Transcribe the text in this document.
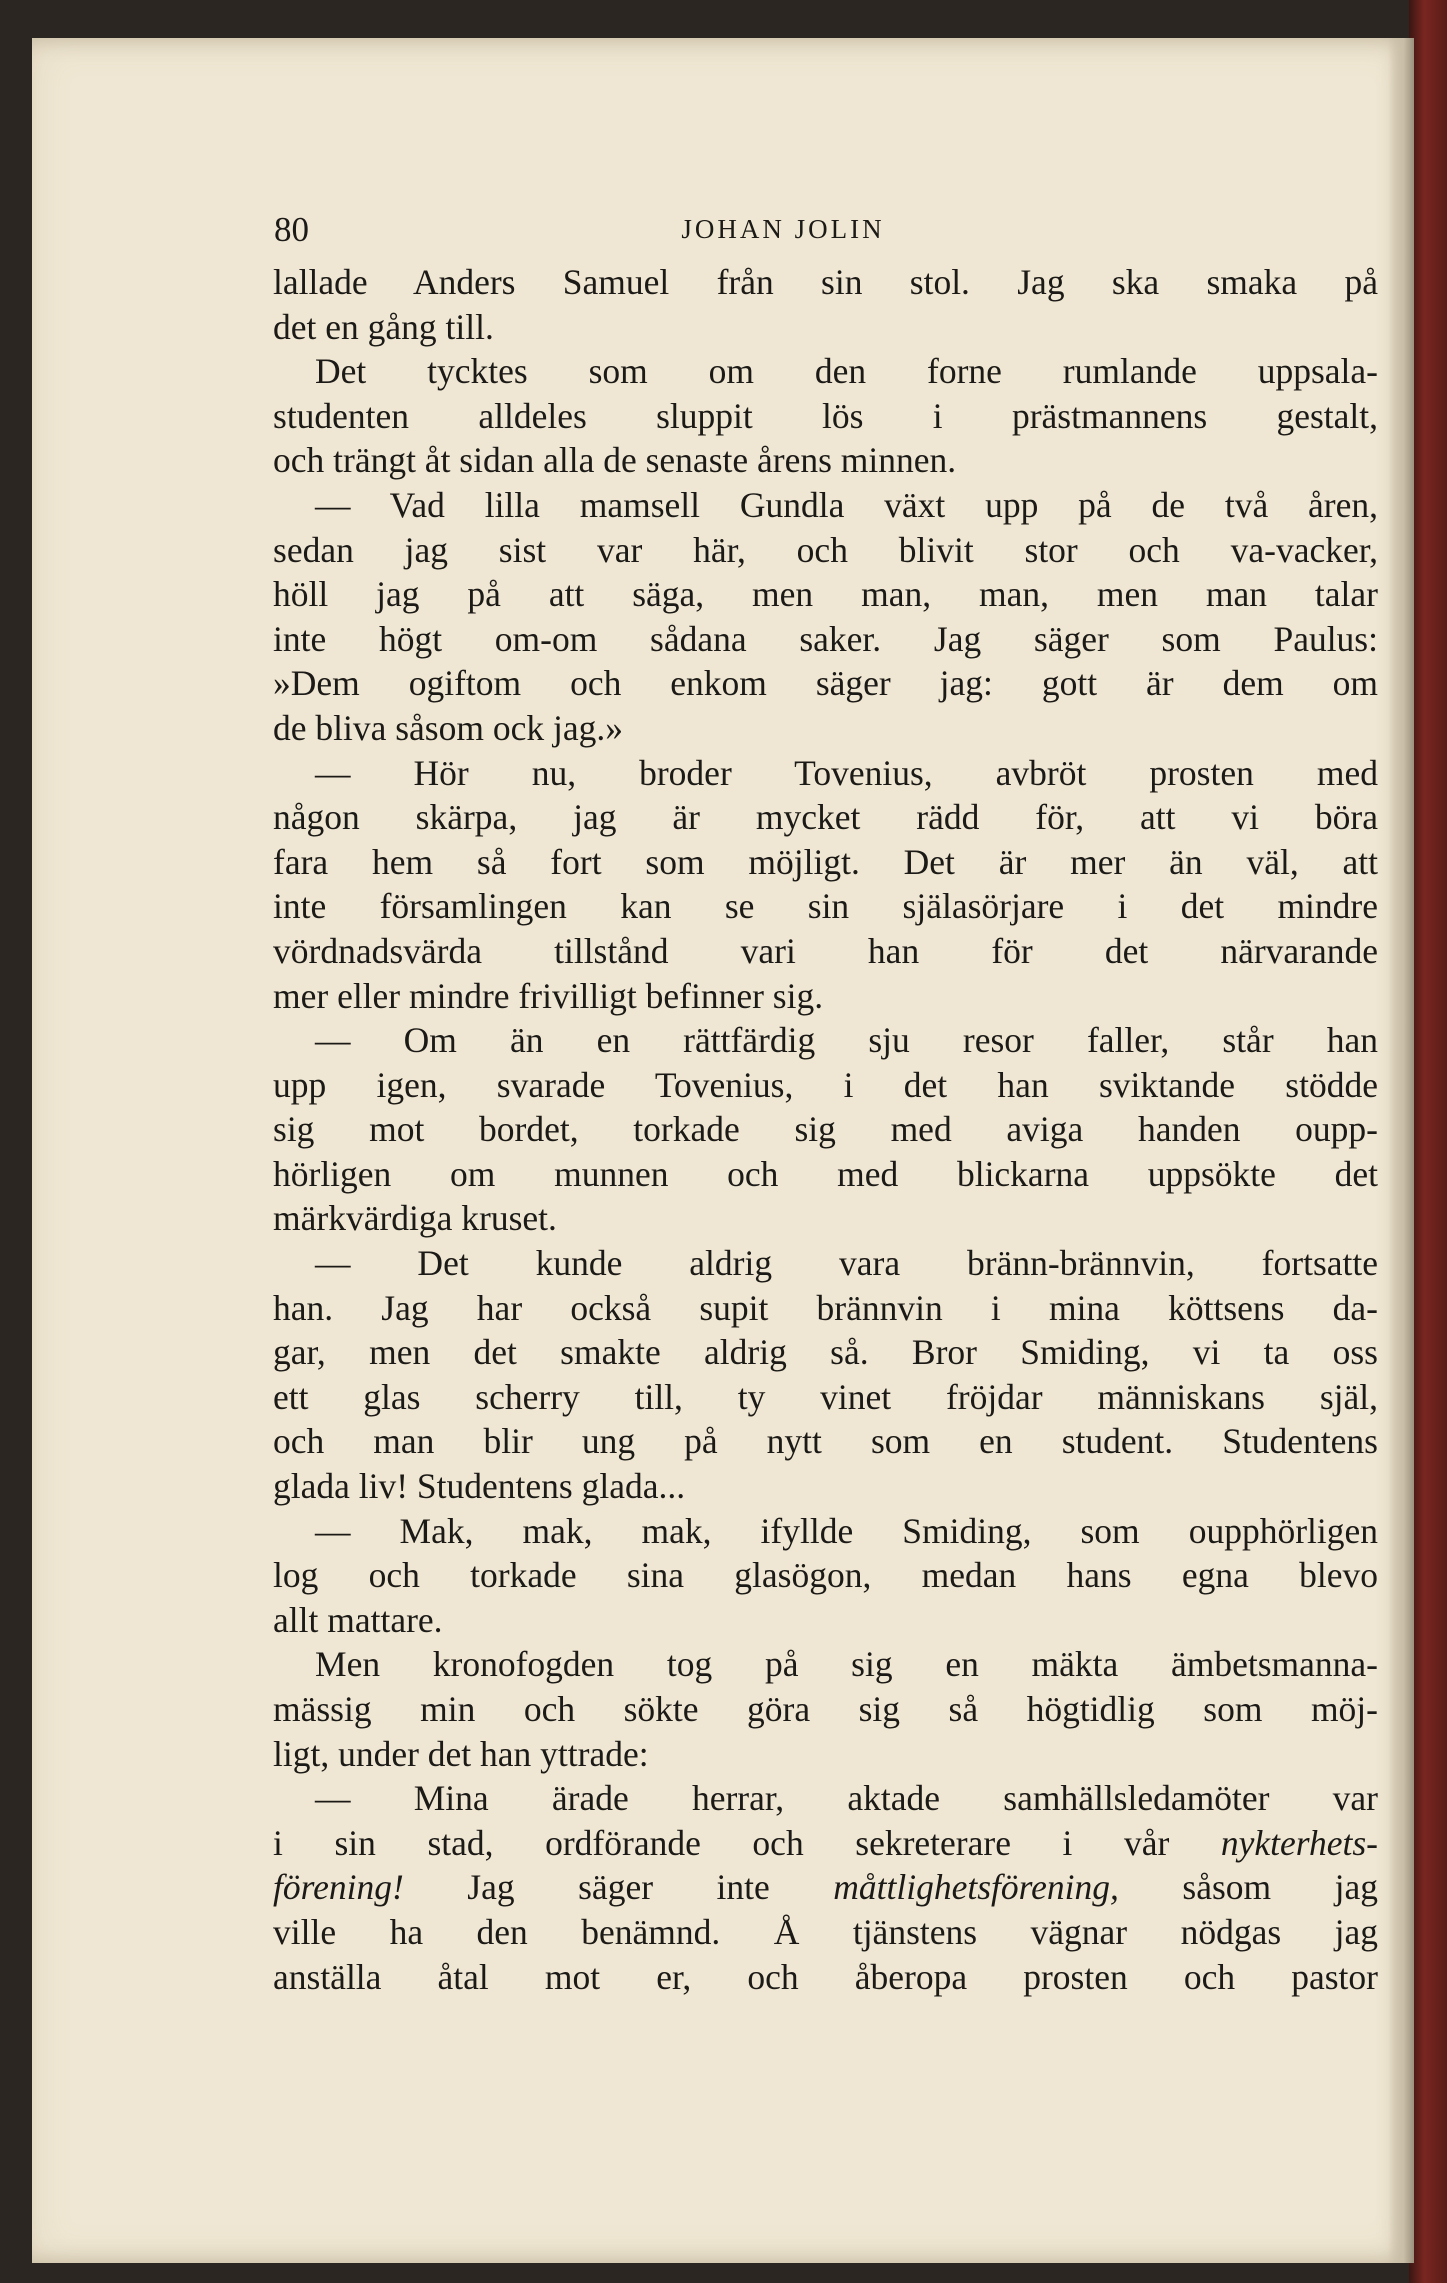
80	JOHAN JOLIN
lallade Anders Samuel från sin stol. Jag ska smaka på
det en gång till.
Det tycktes som om den forne rumlande uppsala-
studenten alldeles sluppit lös i prästmannens gestalt,
och trängt åt sidan alla de senaste årens minnen.
— Vad lilla mamsell Gundla växt upp på de två åren,
sedan jag sist var här, och blivit stor och va-vacker,
höll jag på att säga, men man, man, men man talar
inte högt om-om sådana saker. Jag säger som Paulus:
»Dem ogiftom och enkom säger jag: gott är dem om
de bliva såsom ock jag.»
— Hör nu, broder Tovenius, avbröt prosten med
någon skärpa, jag är mycket rädd för, att vi böra
fara hem så fort som möjligt. Det är mer än väl, att
inte församlingen kan se sin själasörjare i det mindre
vördnadsvärda tillstånd vari han för det närvarande
mer eller mindre frivilligt befinner sig.
— Om än en rättfärdig sju resor faller, står han
upp igen, svarade Tovenius, i det han sviktande stödde
sig mot bordet, torkade sig med aviga handen oupp-
hörligen om munnen och med blickarna uppsökte det
märkvärdiga kruset.
— Det kunde aldrig vara bränn-brännvin, fortsatte
han. Jag har också supit brännvin i mina köttsens da-
gar, men det smakte aldrig så. Bror Smiding, vi ta oss
ett glas scherry till, ty vinet fröjdar människans själ,
och man blir ung på nytt som en student. Studentens
glada liv! Studentens glada...
— Mak, mak, mak, ifyllde Smiding, som oupphörligen
log och torkade sina glasögon, medan hans egna blevo
allt mattare.
Men kronofogden tog på sig en mäkta ämbetsmanna-
mässig min och sökte göra sig så högtidlig som möj-
ligt, under det han yttrade:
— Mina ärade herrar, aktade samhällsledamöter var
i sin stad, ordförande och sekreterare i vår nykterhets-
förening! Jag säger inte måttlighetsförening, såsom jag
ville ha den benämnd. Å tjänstens vägnar nödgas jag
anställa åtal mot er, och åberopa prosten och pastor
